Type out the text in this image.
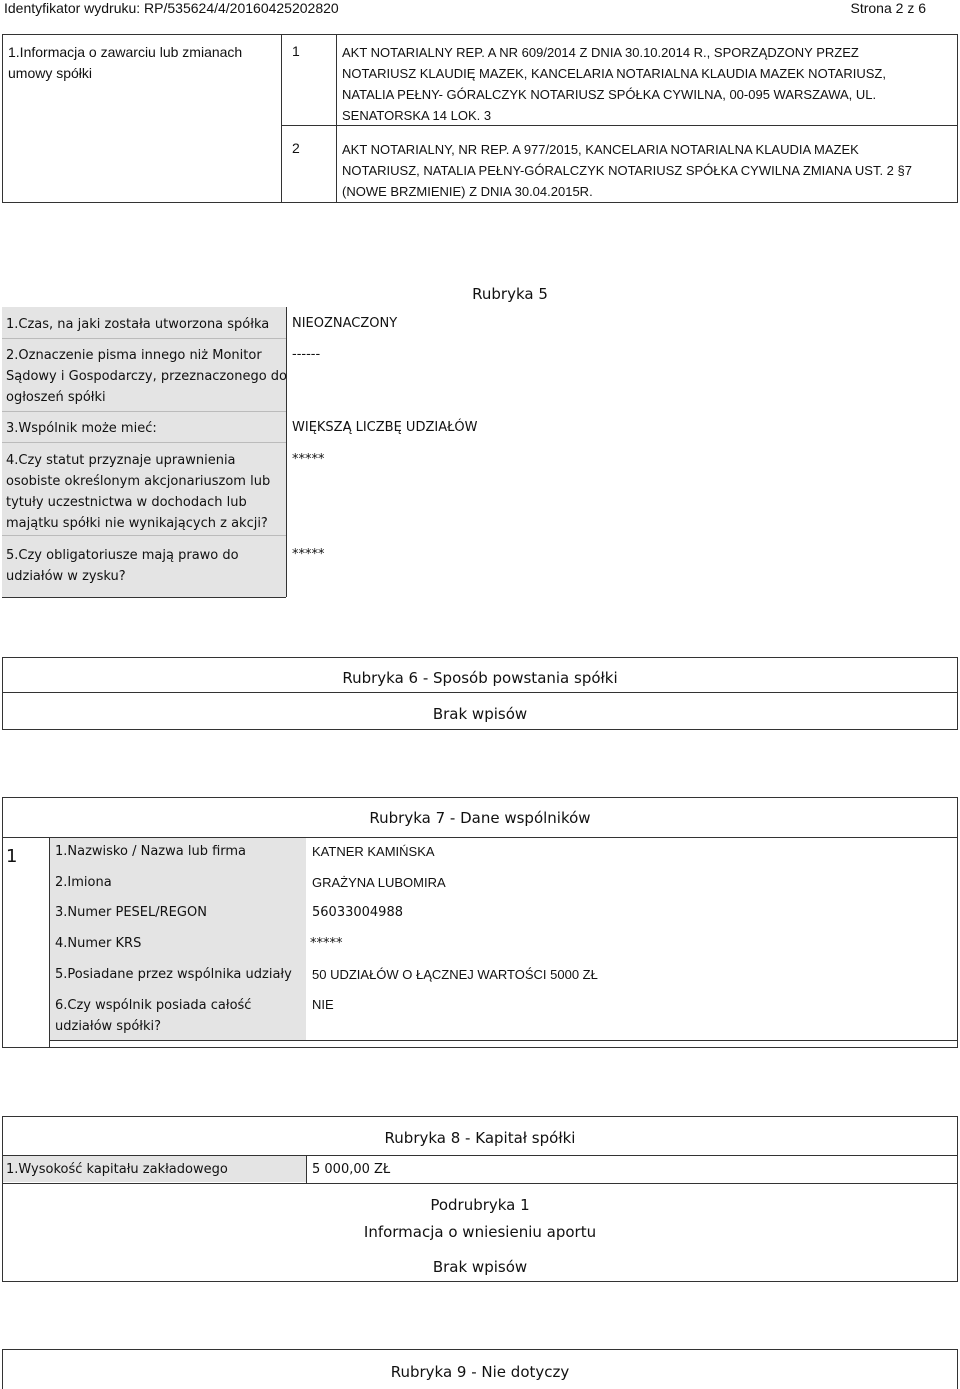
Identyfikator wydruku: RP/535624/4/20160425202820	Strona 2 z 6
1.Informacja o zawarciu lub zmianach
umowy spółki
1	AKT NOTARIALNY REP. A NR 609/2014 Z DNIA 30.10.2014 R., SPORZĄDZONY PRZEZ
NOTARIUSZ KLAUDIĘ MAZEK, KANCELARIA NOTARIALNA KLAUDIA MAZEK NOTARIUSZ,
NATALIA PEŁNY- GÓRALCZYK NOTARIUSZ SPÓŁKA CYWILNA, 00-095 WARSZAWA, UL.
SENATORSKA 14 LOK. 3
2	AKT NOTARIALNY, NR REP. A 977/2015, KANCELARIA NOTARIALNA KLAUDIA MAZEK
NOTARIUSZ, NATALIA PEŁNY-GÓRALCZYK NOTARIUSZ SPÓŁKA CYWILNA ZMIANA UST. 2 §7
(NOWE BRZMIENIE) Z DNIA 30.04.2015R.
Rubryka 5
1.Czas, na jaki została utworzona spółka NIEOZNACZONY
2.Oznaczenie pisma innego niż Monitor
Sądowy i Gospodarczy, przeznaczonego do
ogłoszeń spółki
------
3.Wspólnik może mieć:	WIĘKSZĄ LICZBĘ UDZIAŁÓW
4.Czy statut przyznaje uprawnienia
osobiste określonym akcjonariuszom lub
tytuły uczestnictwa w dochodach lub
majątku spółki nie wynikających z akcji?
*****
5.Czy obligatoriusze mają prawo do
udziałów w zysku?
*****
Rubryka 6 - Sposób powstania spółki
Brak wpisów
Rubryka 7 - Dane wspólników
1	1.Nazwisko / Nazwa lub firma	KATNER KAMIŃSKA
2.Imiona	GRAŻYNA LUBOMIRA
3.Numer PESEL/REGON	56033004988
4.Numer KRS	*****
5.Posiadane przez wspólnika udziały 50 UDZIAŁÓW O ŁĄCZNEJ WARTOŚCI 5000 ZŁ
6.Czy wspólnik posiada całość
udziałów spółki?
NIE
Rubryka 8 - Kapitał spółki
1.Wysokość kapitału zakładowego	5 000,00 ZŁ
Podrubryka 1
Informacja o wniesieniu aportu
Brak wpisów
Rubryka 9 - Nie dotyczy
